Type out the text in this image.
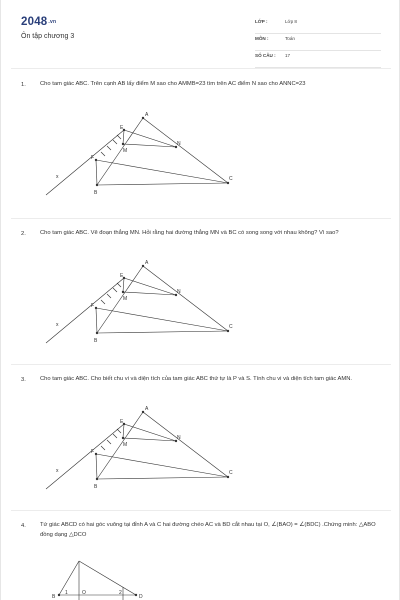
2048.vn
Ôn tập chương 3
LỚP :	Lớp 8
MÔN :	Toán
SỐ CÂU : 17
1. Cho tam giác ABC. Trên cạnh AB lấy điểm M sao cho AMMB=23 tìm trên AC điểm N sao cho ANNC=23
A
B
C
E
F
M
N
x
2. Cho tam giác ABC. Vẽ đoạn thẳng MN. Hỏi rằng hai đường thẳng MN và BC có song song với nhau không? Vì sao?
A
B
C
E
F
M
N
x
3. Cho tam giác ABC. Cho biết chu vi và diện tích của tam giác ABC thứ tự là P và S. Tính chu vi và diện tích tam giác AMN.
A
B
C
E
F
M
N
x
4. Tứ giác ABCD có hai góc vuông tại đỉnh A và C hai đường chéo AC và BD cắt nhau tại O, ∠(BAO) = ∠(BDC) .Chứng minh: △ABO đồng dạng △DCO
B
1	O	2
D
